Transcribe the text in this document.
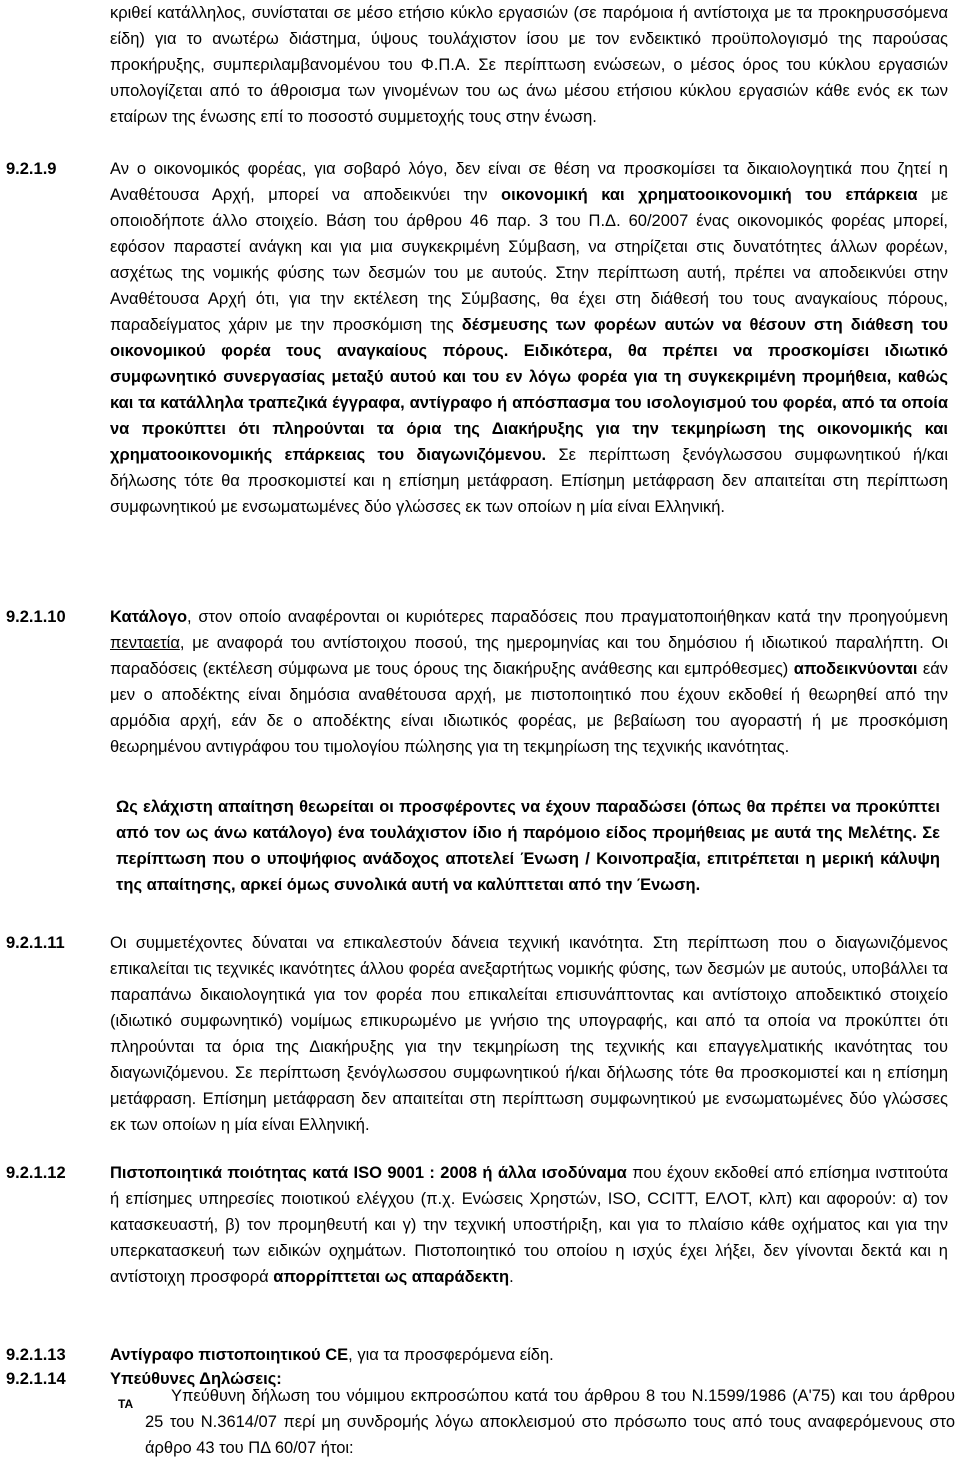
κριθεί κατάλληλος, συνίσταται σε μέσο ετήσιο κύκλο εργασιών (σε παρόμοια ή αντίστοιχα με τα προκηρυσσόμενα είδη) για το ανωτέρω διάστημα, ύψους τουλάχιστον ίσου με τον ενδεικτικό προϋπολογισμό της παρούσας προκήρυξης, συμπεριλαμβανομένου του Φ.Π.Α. Σε περίπτωση ενώσεων, ο μέσος όρος του κύκλου εργασιών υπολογίζεται από το άθροισμα των γινομένων του ως άνω μέσου ετήσιου κύκλου εργασιών κάθε ενός εκ των εταίρων της ένωσης επί το ποσοστό συμμετοχής τους στην ένωση.
9.2.1.9	Αν ο οικονομικός φορέας, για σοβαρό λόγο, δεν είναι σε θέση να προσκομίσει τα δικαιολογητικά που ζητεί η Αναθέτουσα Αρχή, μπορεί να αποδεικνύει την οικονομική και χρηματοοικονομική του επάρκεια με οποιοδήποτε άλλο στοιχείο. Βάση του άρθρου 46 παρ. 3 του Π.Δ. 60/2007 ένας οικονομικός φορέας μπορεί, εφόσον παραστεί ανάγκη και για μια συγκεκριμένη Σύμβαση, να στηρίζεται στις δυνατότητες άλλων φορέων, ασχέτως της νομικής φύσης των δεσμών του με αυτούς. Στην περίπτωση αυτή, πρέπει να αποδεικνύει στην Αναθέτουσα Αρχή ότι, για την εκτέλεση της Σύμβασης, θα έχει στη διάθεσή του τους αναγκαίους πόρους, παραδείγματος χάριν με την προσκόμιση της δέσμευσης των φορέων αυτών να θέσουν στη διάθεση του οικονομικού φορέα τους αναγκαίους πόρους. Ειδικότερα, θα πρέπει να προσκομίσει ιδιωτικό συμφωνητικό συνεργασίας μεταξύ αυτού και του εν λόγω φορέα για τη συγκεκριμένη προμήθεια, καθώς και τα κατάλληλα τραπεζικά έγγραφα, αντίγραφο ή απόσπασμα του ισολογισμού του φορέα, από τα οποία να προκύπτει ότι πληρούνται τα όρια της Διακήρυξης για την τεκμηρίωση της οικονομικής και χρηματοοικονομικής επάρκειας του διαγωνιζόμενου. Σε περίπτωση ξενόγλωσσου συμφωνητικού ή/και δήλωσης τότε θα προσκομιστεί και η επίσημη μετάφραση. Επίσημη μετάφραση δεν απαιτείται στη περίπτωση συμφωνητικού με ενσωματωμένες δύο γλώσσες εκ των οποίων η μία είναι Ελληνική.
9.2.1.10	Κατάλογο, στον οποίο αναφέρονται οι κυριότερες παραδόσεις που πραγματοποιήθηκαν κατά την προηγούμενη πενταετία, με αναφορά του αντίστοιχου ποσού, της ημερομηνίας και του δημόσιου ή ιδιωτικού παραλήπτη. Οι παραδόσεις (εκτέλεση σύμφωνα με τους όρους της διακήρυξης ανάθεσης και εμπρόθεσμες) αποδεικνύονται εάν μεν ο αποδέκτης είναι δημόσια αναθέτουσα αρχή, με πιστοποιητικό που έχουν εκδοθεί ή θεωρηθεί από την αρμόδια αρχή, εάν δε ο αποδέκτης είναι ιδιωτικός φορέας, με βεβαίωση του αγοραστή ή με προσκόμιση θεωρημένου αντιγράφου του τιμολογίου πώλησης για τη τεκμηρίωση της τεχνικής ικανότητας.
Ως ελάχιστη απαίτηση θεωρείται οι προσφέροντες να έχουν παραδώσει (όπως θα πρέπει να προκύπτει από τον ως άνω κατάλογο) ένα τουλάχιστον ίδιο ή παρόμοιο είδος προμήθειας με αυτά της Μελέτης. Σε περίπτωση που ο υποψήφιος ανάδοχος αποτελεί Ένωση / Κοινοπραξία, επιτρέπεται η μερική κάλυψη της απαίτησης, αρκεί όμως συνολικά αυτή να καλύπτεται από την Ένωση.
9.2.1.11	Οι συμμετέχοντες δύναται να επικαλεστούν δάνεια τεχνική ικανότητα. Στη περίπτωση που ο διαγωνιζόμενος επικαλείται τις τεχνικές ικανότητες άλλου φορέα ανεξαρτήτως νομικής φύσης, των δεσμών με αυτούς, υποβάλλει τα παραπάνω δικαιολογητικά για τον φορέα που επικαλείται επισυνάπτοντας και αντίστοιχο αποδεικτικό στοιχείο (ιδιωτικό συμφωνητικό) νομίμως επικυρωμένο με γνήσιο της υπογραφής, και από τα οποία να προκύπτει ότι πληρούνται τα όρια της Διακήρυξης για την τεκμηρίωση της τεχνικής και επαγγελματικής ικανότητας του διαγωνιζόμενου. Σε περίπτωση ξενόγλωσσου συμφωνητικού ή/και δήλωσης τότε θα προσκομιστεί και η επίσημη μετάφραση. Επίσημη μετάφραση δεν απαιτείται στη περίπτωση συμφωνητικού με ενσωματωμένες δύο γλώσσες εκ των οποίων η μία είναι Ελληνική.
9.2.1.12	Πιστοποιητικά ποιότητας κατά ISO 9001 : 2008 ή άλλα ισοδύναμα που έχουν εκδοθεί από επίσημα ινστιτούτα ή επίσημες υπηρεσίες ποιοτικού ελέγχου (π.χ. Ενώσεις Χρηστών, ISO, CCITT, ΕΛΟΤ, κλπ) και αφορούν: α) τον κατασκευαστή, β) τον προμηθευτή και γ) την τεχνική υποστήριξη, και για το πλαίσιο κάθε οχήματος και για την υπερκατασκευή των ειδικών οχημάτων. Πιστοποιητικό του οποίου η ισχύς έχει λήξει, δεν γίνονται δεκτά και η αντίστοιχη προσφορά απορρίπτεται ως απαράδεκτη.
9.2.1.13	Αντίγραφο πιστοποιητικού CE, για τα προσφερόμενα είδη.
9.2.1.14	Υπεύθυνες Δηλώσεις:
ΤΑ	Υπεύθυνη δήλωση του νόμιμου εκπροσώπου κατά του άρθρου 8 του Ν.1599/1986 (Α'75) και του άρθρου 25 του Ν.3614/07 περί μη συνδρομής λόγω αποκλεισμού στο πρόσωπο τους από τους αναφερόμενους στο άρθρο 43 του ΠΔ 60/07 ήτοι:
